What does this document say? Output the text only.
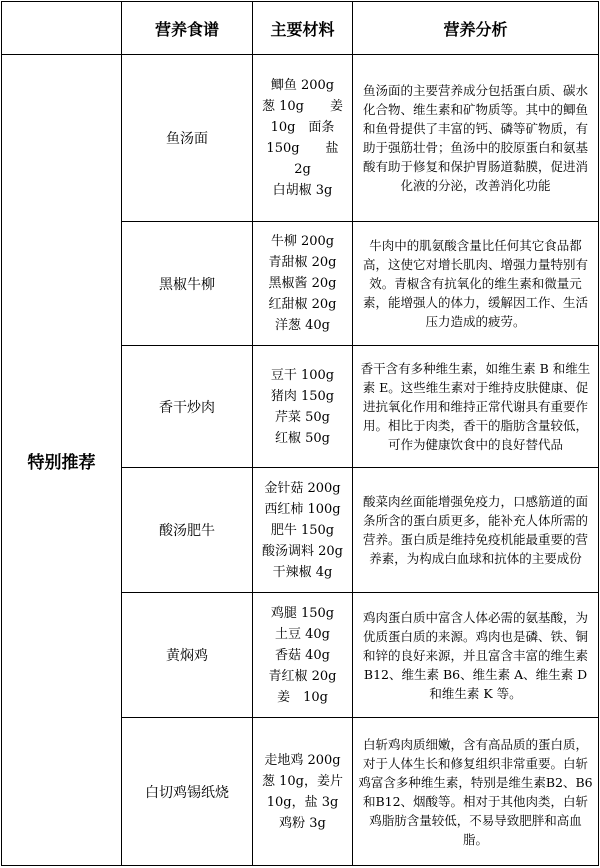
	营养食谱	主要材料	营养分析
特别推荐	鱼汤面	鲫鱼 200g
葱 10g　　姜
10g　面条
150g　　盐 2g
白胡椒 3g	鱼汤面的主要营养成分包括蛋白质、碳水化合物、维生素和矿物质等。其中的鲫鱼和鱼骨提供了丰富的钙、磷等矿物质，有助于强筋壮骨；鱼汤中的胶原蛋白和氨基酸有助于修复和保护胃肠道黏膜，促进消化液的分泌，改善消化功能
	黑椒牛柳	牛柳 200g
青甜椒 20g
黑椒酱 20g
红甜椒 20g
洋葱 40g	牛肉中的肌氨酸含量比任何其它食品都高，这使它对增长肌肉、增强力量特别有效。青椒含有抗氧化的维生素和微量元素，能增强人的体力，缓解因工作、生活压力造成的疲劳。
	香干炒肉	豆干 100g
猪肉 150g
芹菜 50g
红椒 50g	香干含有多种维生素，如维生素 B 和维生素 E。这些维生素对于维持皮肤健康、促进抗氧化作用和维持正常代谢具有重要作用。相比于肉类，香干的脂肪含量较低，可作为健康饮食中的良好替代品
	酸汤肥牛	金针菇 200g
西红柿 100g
肥牛 150g
酸汤调料 20g
干辣椒 4g	酸菜肉丝面能增强免疫力，口感筋道的面条所含的蛋白质更多，能补充人体所需的营养。蛋白质是维持免疫机能最重要的营养素，为构成白血球和抗体的主要成份
	黄焖鸡	鸡腿 150g
土豆 40g
香菇 40g
青红椒 20g
姜　10g	鸡肉蛋白质中富含人体必需的氨基酸，为优质蛋白质的来源。鸡肉也是磷、铁、铜和锌的良好来源，并且富含丰富的维生素 B12、维生素 B6、维生素 A、维生素 D 和维生素 K 等。
	白切鸡锡纸烧	走地鸡 200g
葱 10g，姜片
10g，盐 3g
鸡粉 3g	白斩鸡肉质细嫩，含有高品质的蛋白质，对于人体生长和修复组织非常重要。白斩鸡富含多种维生素，特别是维生素B2、B6和B12、烟酸等。相对于其他肉类，白斩鸡脂肪含量较低，不易导致肥胖和高血脂。
